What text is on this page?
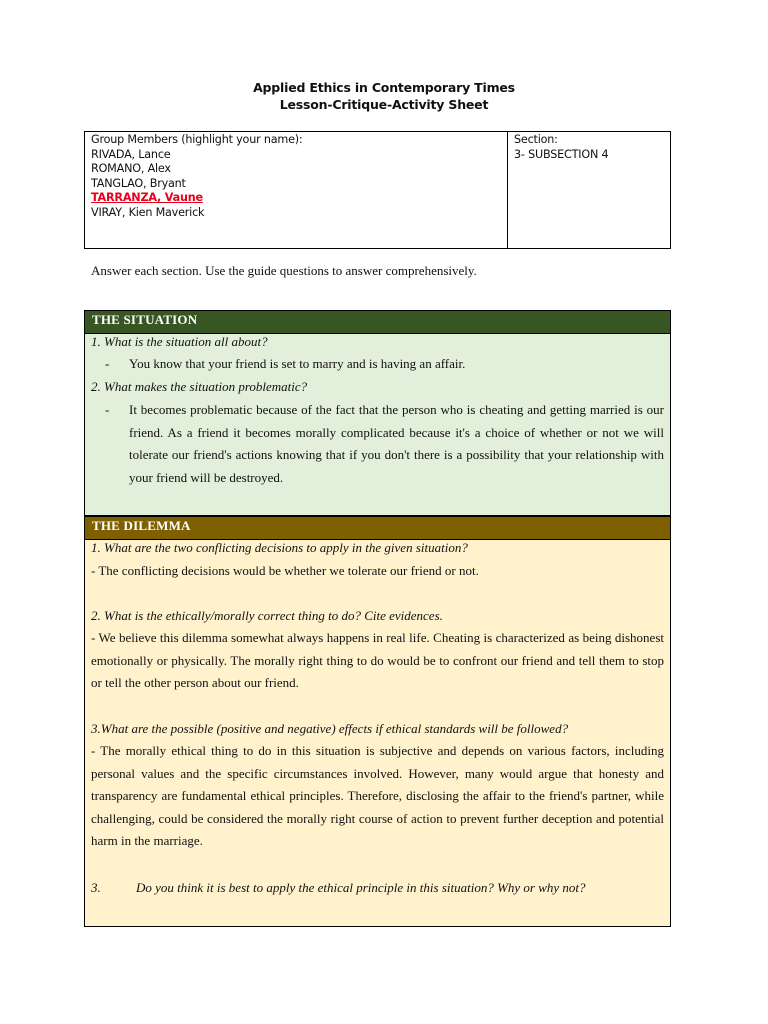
Applied Ethics in Contemporary Times
Lesson-Critique-Activity Sheet
Group Members (highlight your name):
RIVADA, Lance
ROMANO, Alex
TANGLAO, Bryant
TARRANZA, Vaune
VIRAY, Kien Maverick
Section:
3- SUBSECTION 4
Answer each section. Use the guide questions to answer comprehensively.
THE SITUATION
1. What is the situation all about?
- You know that your friend is set to marry and is having an affair.
2. What makes the situation problematic?
- It becomes problematic because of the fact that the person who is cheating and getting married is our friend. As a friend it becomes morally complicated because it's a choice of whether or not we will tolerate our friend's actions knowing that if you don't there is a possibility that your relationship with your friend will be destroyed.
THE DILEMMA
1. What are the two conflicting decisions to apply in the given situation?
- The conflicting decisions would be whether we tolerate our friend or not.
2. What is the ethically/morally correct thing to do? Cite evidences.
- We believe this dilemma somewhat always happens in real life. Cheating is characterized as being dishonest emotionally or physically. The morally right thing to do would be to confront our friend and tell them to stop or tell the other person about our friend.
3.What are the possible (positive and negative) effects if ethical standards will be followed?
- The morally ethical thing to do in this situation is subjective and depends on various factors, including personal values and the specific circumstances involved. However, many would argue that honesty and transparency are fundamental ethical principles. Therefore, disclosing the affair to the friend's partner, while challenging, could be considered the morally right course of action to prevent further deception and potential harm in the marriage.
3.	Do you think it is best to apply the ethical principle in this situation? Why or why not?
